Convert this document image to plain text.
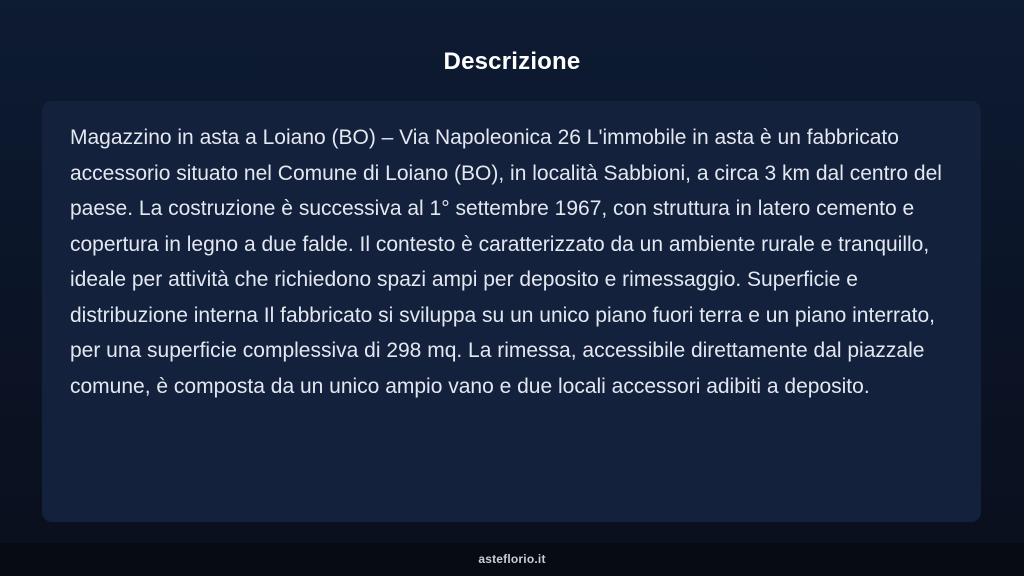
Descrizione

Magazzino in asta a Loiano (BO) – Via Napoleonica 26 L'immobile in asta è un fabbricato accessorio situato nel Comune di Loiano (BO), in località Sabbioni, a circa 3 km dal centro del paese. La costruzione è successiva al 1° settembre 1967, con struttura in latero cemento e copertura in legno a due falde. Il contesto è caratterizzato da un ambiente rurale e tranquillo, ideale per attività che richiedono spazi ampi per deposito e rimessaggio. Superficie e distribuzione interna Il fabbricato si sviluppa su un unico piano fuori terra e un piano interrato, per una superficie complessiva di 298 mq. La rimessa, accessibile direttamente dal piazzale comune, è composta da un unico ampio vano e due locali accessori adibiti a deposito.

asteflorio.it
